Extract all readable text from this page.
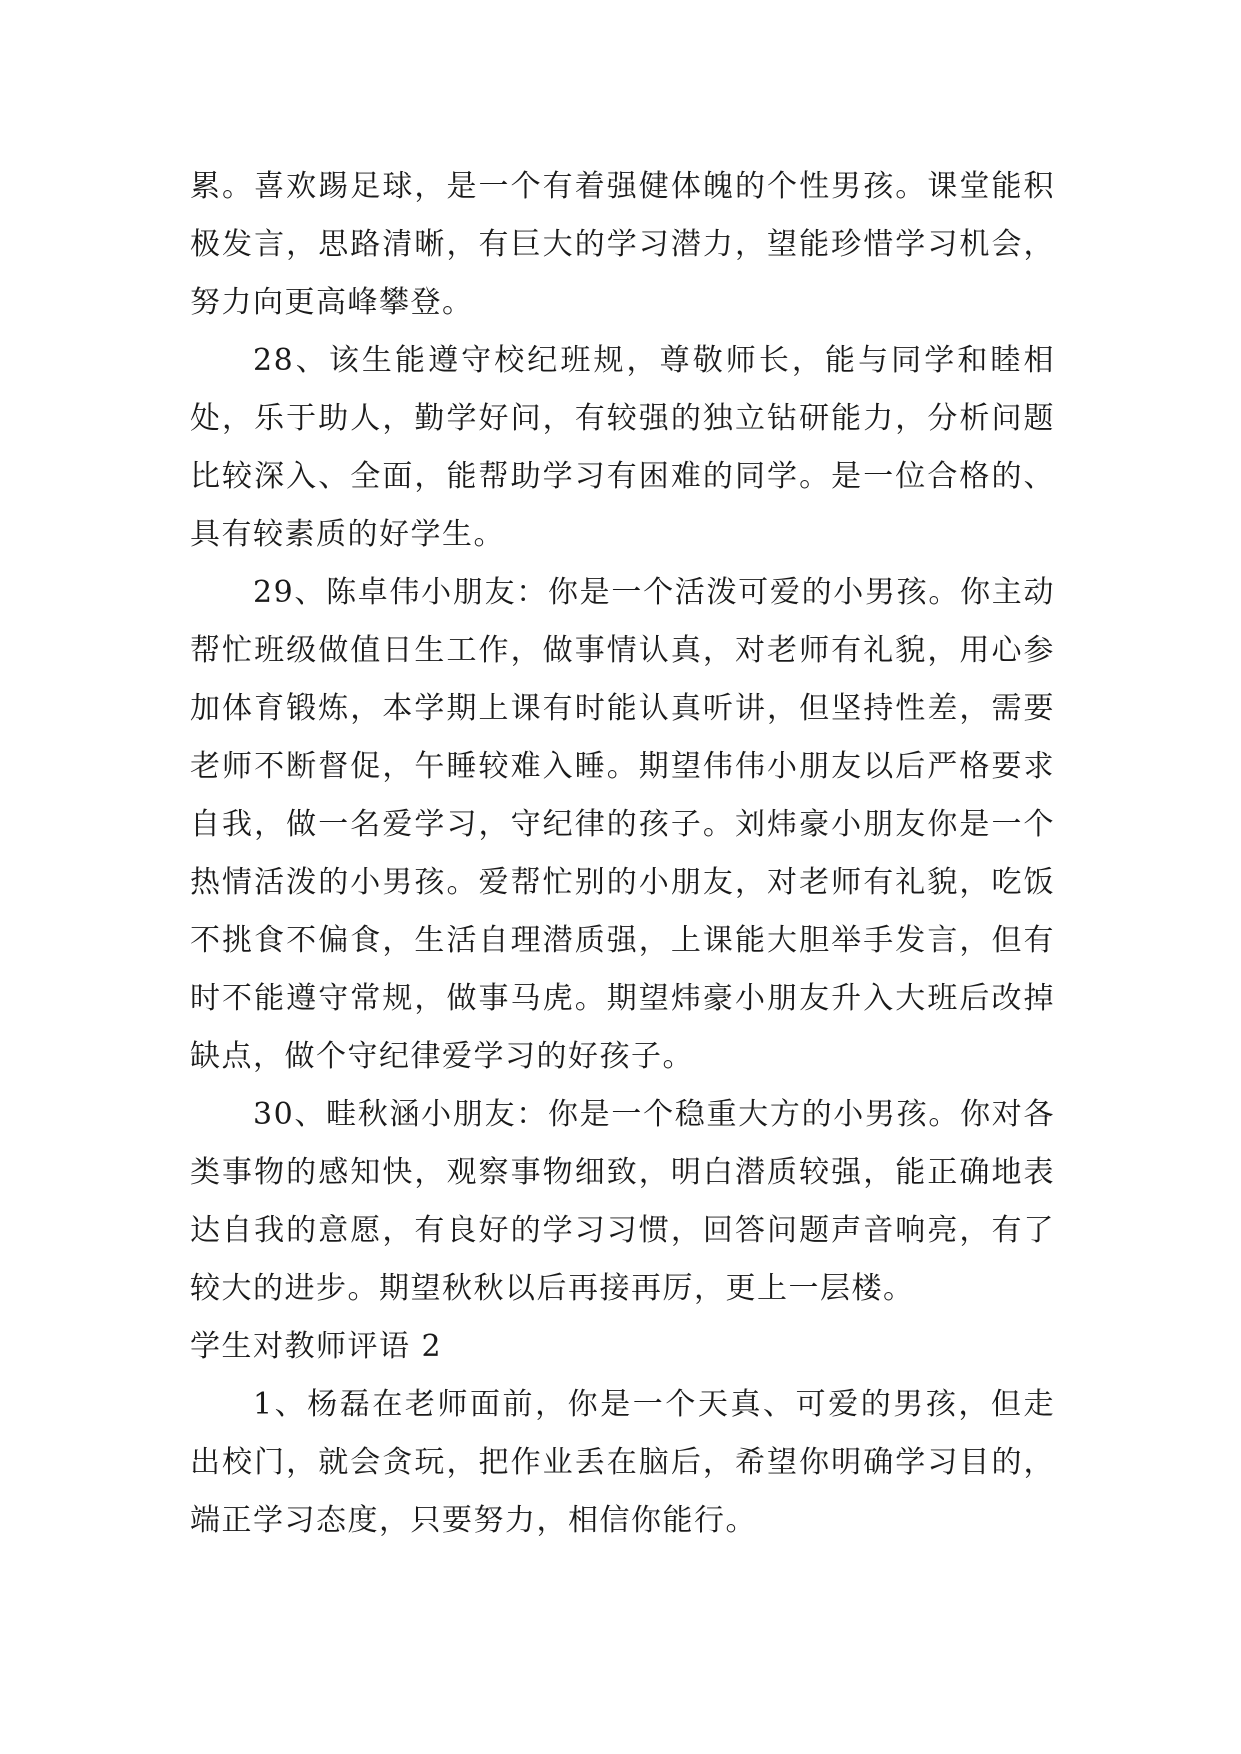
累。喜欢踢足球，是一个有着强健体魄的个性男孩。课堂能积极发言，思路清晰，有巨大的学习潜力，望能珍惜学习机会，努力向更高峰攀登。

28、该生能遵守校纪班规，尊敬师长，能与同学和睦相处，乐于助人，勤学好问，有较强的独立钻研能力，分析问题比较深入、全面，能帮助学习有困难的同学。是一位合格的、具有较素质的好学生。

29、陈卓伟小朋友：你是一个活泼可爱的小男孩。你主动帮忙班级做值日生工作，做事情认真，对老师有礼貌，用心参加体育锻炼，本学期上课有时能认真听讲，但坚持性差，需要老师不断督促，午睡较难入睡。期望伟伟小朋友以后严格要求自我，做一名爱学习，守纪律的孩子。刘炜豪小朋友你是一个热情活泼的小男孩。爱帮忙别的小朋友，对老师有礼貌，吃饭不挑食不偏食，生活自理潜质强，上课能大胆举手发言，但有时不能遵守常规，做事马虎。期望炜豪小朋友升入大班后改掉缺点，做个守纪律爱学习的好孩子。

30、畦秋涵小朋友：你是一个稳重大方的小男孩。你对各类事物的感知快，观察事物细致，明白潜质较强，能正确地表达自我的意愿，有良好的学习习惯，回答问题声音响亮，有了较大的进步。期望秋秋以后再接再厉，更上一层楼。

学生对教师评语 2

1、杨磊在老师面前，你是一个天真、可爱的男孩，但走出校门，就会贪玩，把作业丢在脑后，希望你明确学习目的，端正学习态度，只要努力，相信你能行。
